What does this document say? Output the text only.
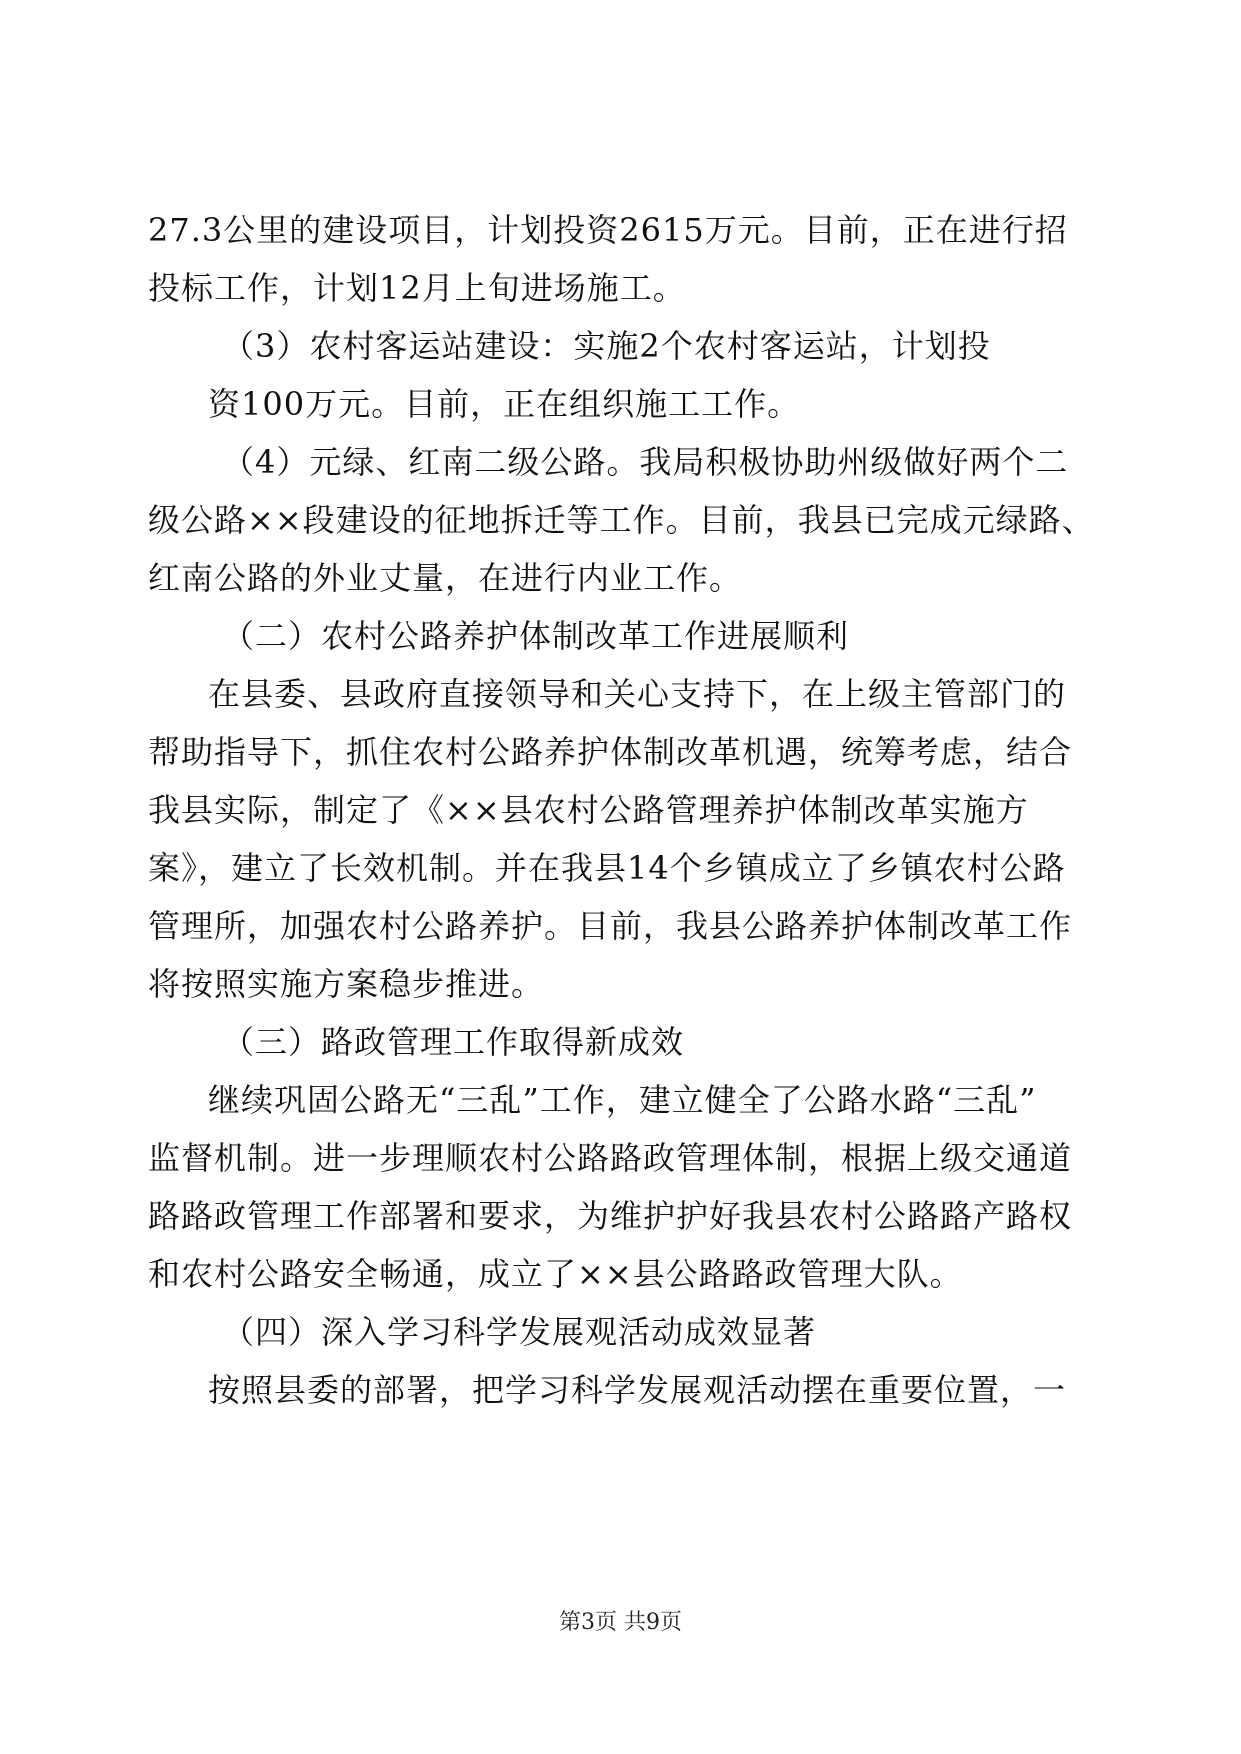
27.3公里的建设项目，计划投资2615万元。目前，正在进行招
投标工作，计划12月上旬进场施工。
（3）农村客运站建设：实施2个农村客运站，计划投
资100万元。目前，正在组织施工工作。
（4）元绿、红南二级公路。我局积极协助州级做好两个二
级公路××段建设的征地拆迁等工作。目前，我县已完成元绿路、
红南公路的外业丈量，在进行内业工作。
（二）农村公路养护体制改革工作进展顺利
在县委、县政府直接领导和关心支持下，在上级主管部门的
帮助指导下，抓住农村公路养护体制改革机遇，统筹考虑，结合
我县实际，制定了《××县农村公路管理养护体制改革实施方
案》，建立了长效机制。并在我县14个乡镇成立了乡镇农村公路
管理所，加强农村公路养护。目前，我县公路养护体制改革工作
将按照实施方案稳步推进。
（三）路政管理工作取得新成效
继续巩固公路无“三乱”工作，建立健全了公路水路“三乱”
监督机制。进一步理顺农村公路路政管理体制，根据上级交通道
路路政管理工作部署和要求，为维护护好我县农村公路路产路权
和农村公路安全畅通，成立了××县公路路政管理大队。
（四）深入学习科学发展观活动成效显著
按照县委的部署，把学习科学发展观活动摆在重要位置，一
第3页 共9页
